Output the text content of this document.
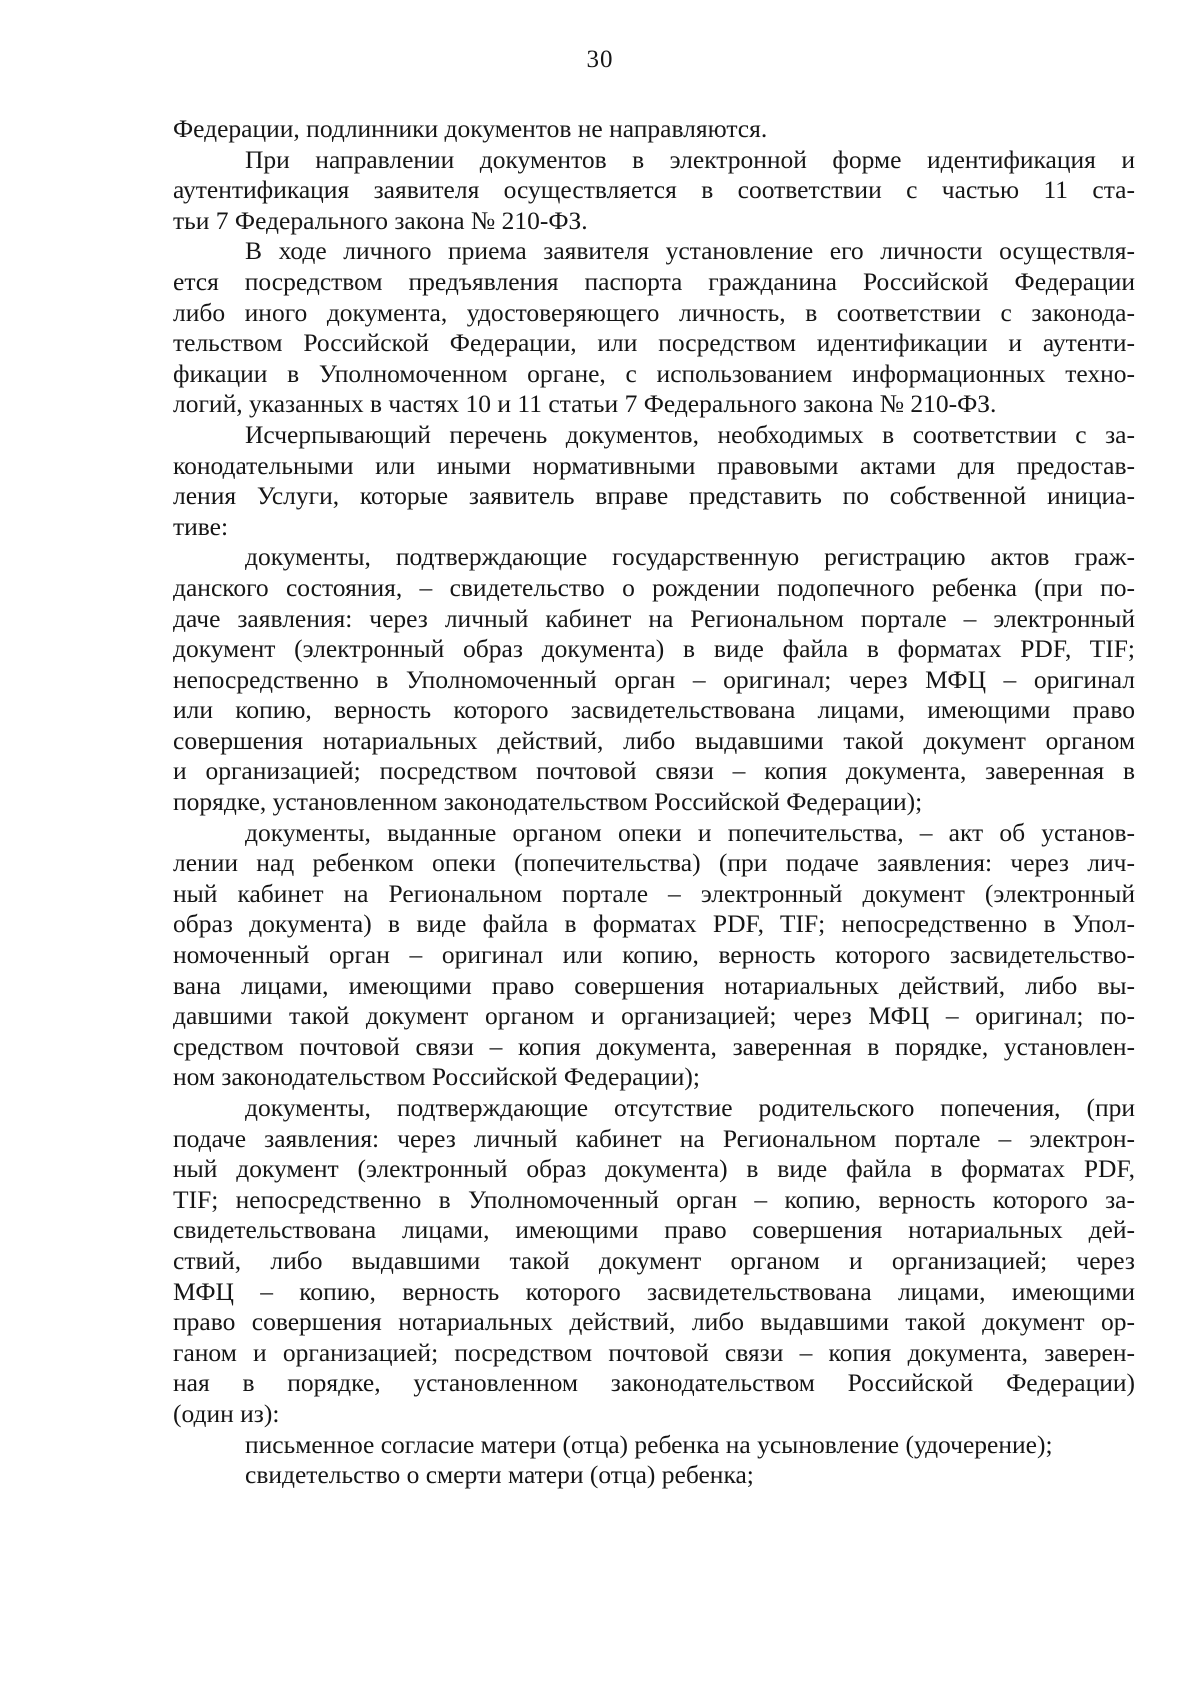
30
Федерации, подлинники документов не направляются.
При направлении документов в электронной форме идентификация и
аутентификация заявителя осуществляется в соответствии с частью 11 ста-
тьи 7 Федерального закона № 210-ФЗ.
В ходе личного приема заявителя установление его личности осуществля-
ется посредством предъявления паспорта гражданина Российской Федерации
либо иного документа, удостоверяющего личность, в соответствии с законода-
тельством Российской Федерации, или посредством идентификации и аутенти-
фикации в Уполномоченном органе, с использованием информационных техно-
логий, указанных в частях 10 и 11 статьи 7 Федерального закона № 210-ФЗ.
Исчерпывающий перечень документов, необходимых в соответствии с за-
конодательными или иными нормативными правовыми актами для предостав-
ления Услуги, которые заявитель вправе представить по собственной инициа-
тиве:
документы, подтверждающие государственную регистрацию актов граж-
данского состояния, – свидетельство о рождении подопечного ребенка (при по-
даче заявления: через личный кабинет на Региональном портале – электронный
документ (электронный образ документа) в виде файла в форматах PDF, TIF;
непосредственно в Уполномоченный орган – оригинал; через МФЦ – оригинал
или копию, верность которого засвидетельствована лицами, имеющими право
совершения нотариальных действий, либо выдавшими такой документ органом
и организацией; посредством почтовой связи – копия документа, заверенная в
порядке, установленном законодательством Российской Федерации);
документы, выданные органом опеки и попечительства, – акт об установ-
лении над ребенком опеки (попечительства) (при подаче заявления: через лич-
ный кабинет на Региональном портале – электронный документ (электронный
образ документа) в виде файла в форматах PDF, TIF; непосредственно в Упол-
номоченный орган – оригинал или копию, верность которого засвидетельство-
вана лицами, имеющими право совершения нотариальных действий, либо вы-
давшими такой документ органом и организацией; через МФЦ – оригинал; по-
средством почтовой связи – копия документа, заверенная в порядке, установлен-
ном законодательством Российской Федерации);
документы, подтверждающие отсутствие родительского попечения, (при
подаче заявления: через личный кабинет на Региональном портале – электрон-
ный документ (электронный образ документа) в виде файла в форматах PDF,
TIF; непосредственно в Уполномоченный орган – копию, верность которого за-
свидетельствована лицами, имеющими право совершения нотариальных дей-
ствий, либо выдавшими такой документ органом и организацией; через
МФЦ – копию, верность которого засвидетельствована лицами, имеющими
право совершения нотариальных действий, либо выдавшими такой документ ор-
ганом и организацией; посредством почтовой связи – копия документа, заверен-
ная в порядке, установленном законодательством Российской Федерации)
(один из):
письменное согласие матери (отца) ребенка на усыновление (удочерение);
свидетельство о смерти матери (отца) ребенка;
